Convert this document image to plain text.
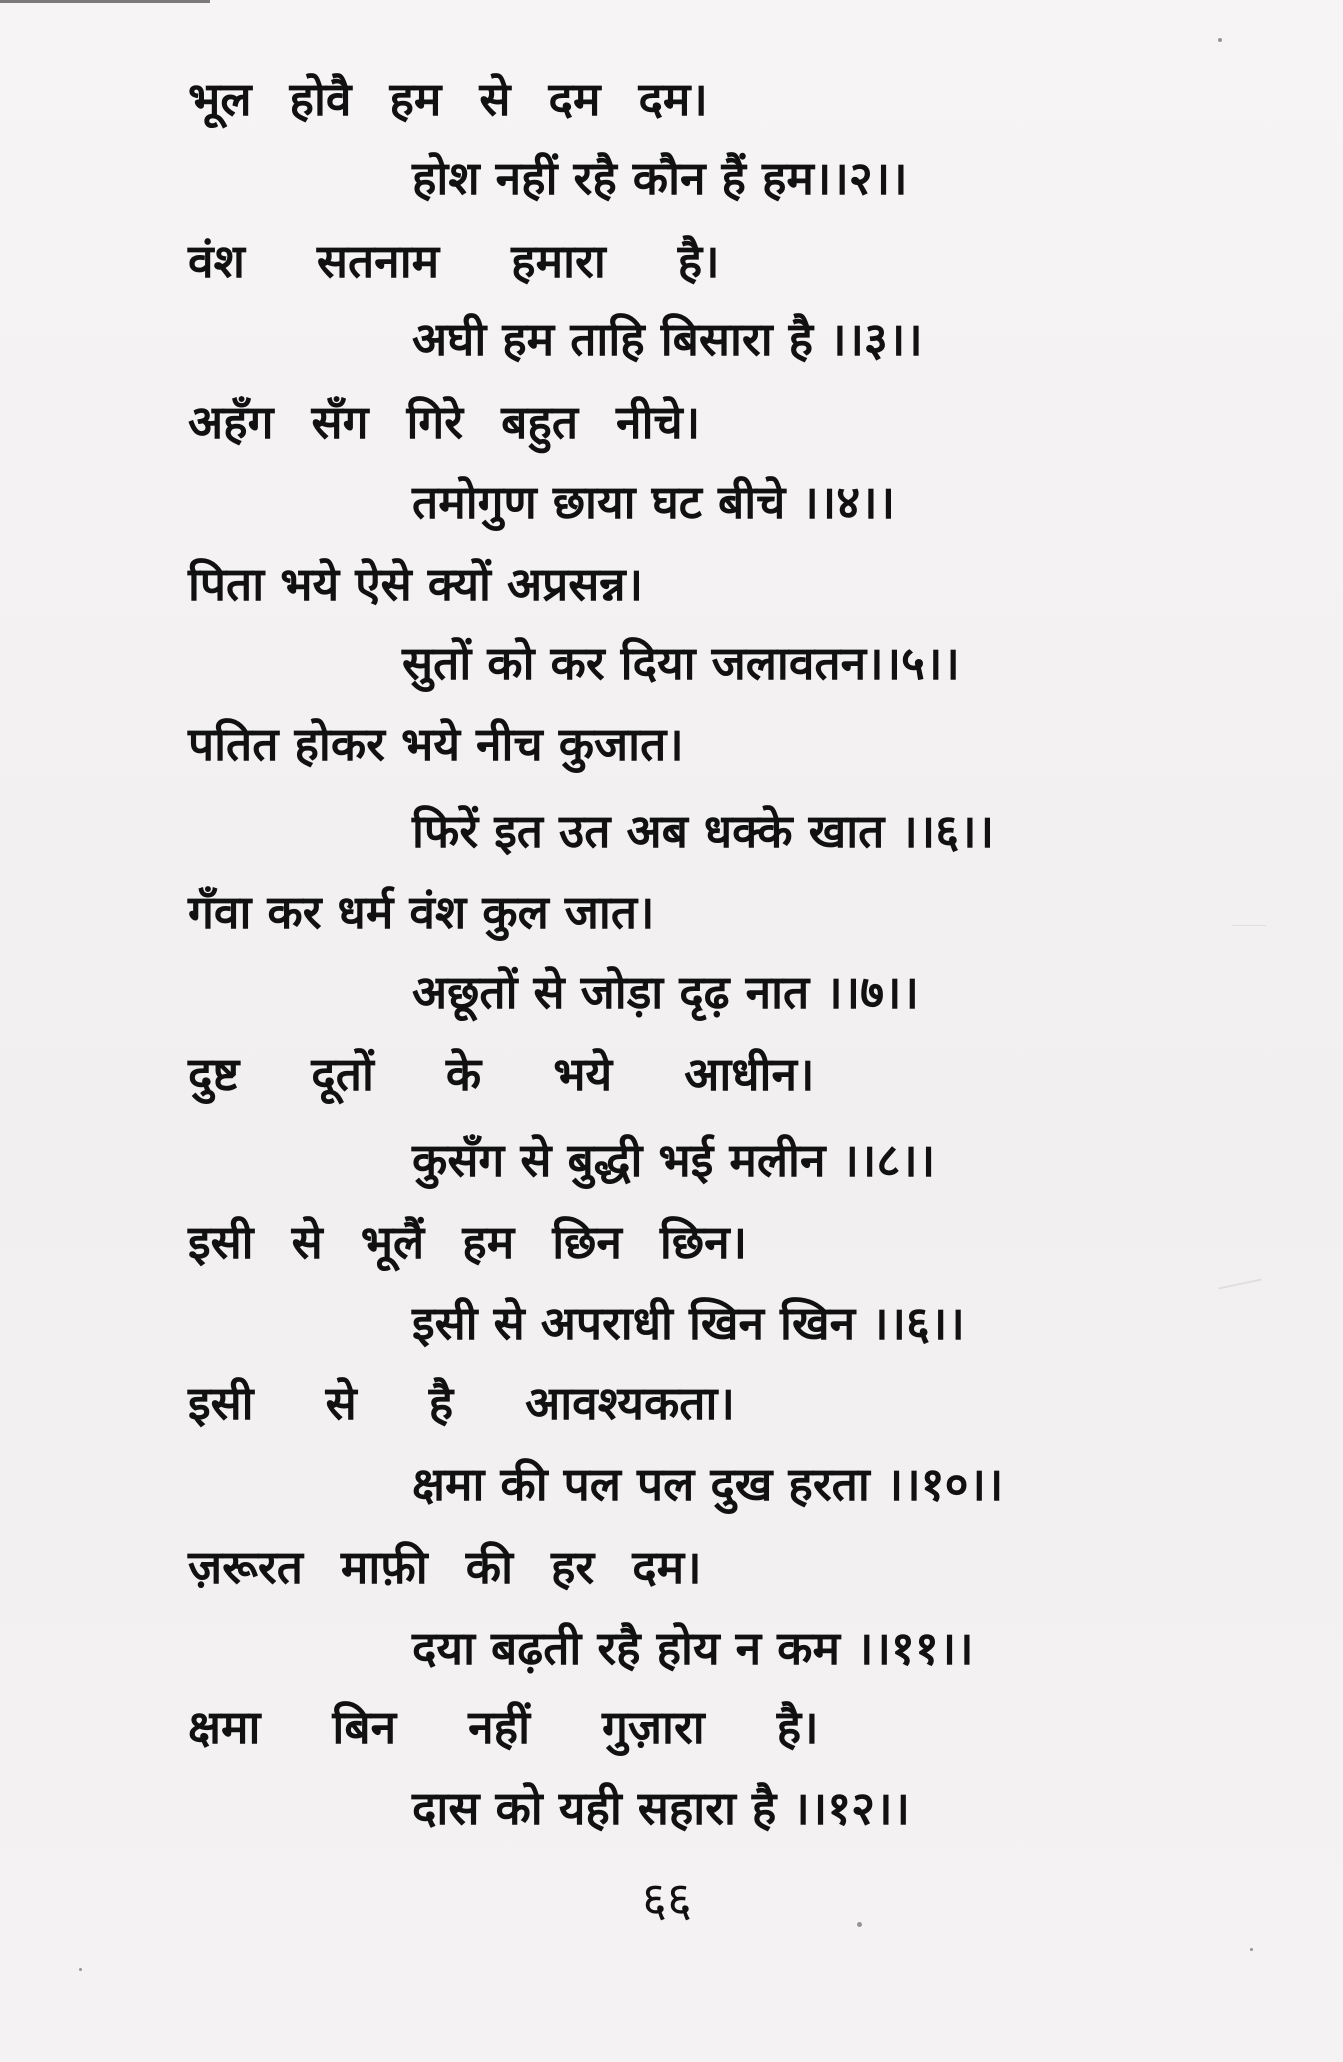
भूल होवै हम से दम दम।
होश नहीं रहै कौन हैं हम।।२।।
वंश सतनाम हमारा है।
अघी हम ताहि बिसारा है ।।३।।
अहँग सँग गिरे बहुत नीचे।
तमोगुण छाया घट बीचे ।।४।।
पिता भये ऐसे क्यों अप्रसन्न।
सुतों को कर दिया जलावतन।।५।।
पतित होकर भये नीच कुजात।
फिरें इत उत अब धक्के खात ।।६।।
गँवा कर धर्म वंश कुल जात।
अछूतों से जोड़ा दृढ़ नात ।।७।।
दुष्ट दूतों के भये आधीन।
कुसँग से बुद्धी भई मलीन ।।८।।
इसी से भूलैं हम छिन छिन।
इसी से अपराधी खिन खिन ।।६।।
इसी से है आवश्यकता।
क्षमा की पल पल दुख हरता ।।१०।।
ज़रूरत माफ़ी की हर दम।
दया बढ़ती रहै होय न कम ।।११।।
क्षमा बिन नहीं गुज़ारा है।
दास को यही सहारा है ।।१२।।
६६
